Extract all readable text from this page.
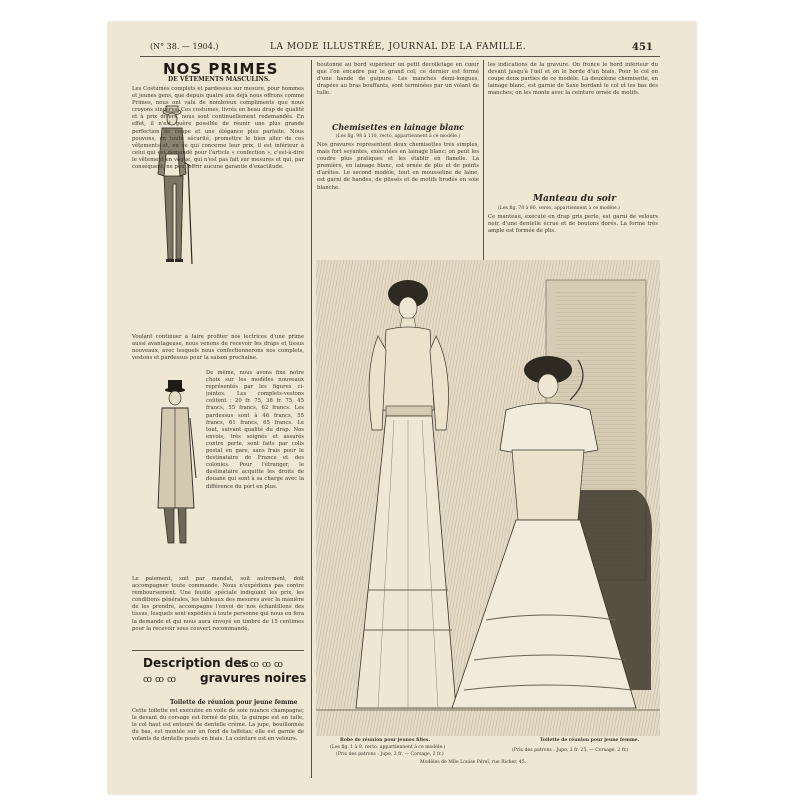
(N° 38. — 1904.)	LA MODE ILLUSTRÉE, JOURNAL DE LA FAMILLE.	451
NOS PRIMES
DE VÊTEMENTS MASCULINS.
Les Costumes complets et pardessus sur mesure, pour hommes et jeunes gens, que depuis quatre ans déjà nous offrons comme Primes, nous ont valu de nombreux compliments que nous croyons sincères. Ces costumes, livrés en beau drap de qualité et à prix divers, nous sont continuellement redemandés. En effet, il n'est guère possible de réunir une plus grande perfection de coupe et une élégance plus parfaite. Nous pouvons, en toute sécurité, promettre le bien aller de ces vêtements et, en ce qui concerne leur prix, il est inférieur à celui qui est demandé pour l'article « confection », c'est-à-dire le vêtement en vogue, qui n'est pas fait sur mesures et qui, par conséquent, ne peut offrir aucune garantie d'exactitude.
Voulant continuer à faire profiter nos lectrices d'une prime aussi avantageuse, nous venons de recevoir les draps et tissus nouveaux, avec lesquels nous confectionnerons nos complets, vestons et pardessus pour la saison prochaine.
De même, nous avons fixé notre choix sur les modèles nouveaux représentés par les figures ci-jointes. Les complets-vestons coûtent : 20 fr. 75, 38 fr. 75, 45 francs, 55 francs, 62 francs. Les pardessus sont à 46 francs, 55 francs, 61 francs, 65 francs. Le tout, suivant qualité du drap. Nos envois, très soignés et assurés contre perte, sont faits par colis postal en gare, sans frais pour le destinataire de France et des colonies. Pour l'étranger, le destinataire acquitte les droits de douane qui sont à sa charge avec la différence du port en plus.
Le paiement, soit par mandat, soit autrement, doit accompagner toute commande. Nous n'expédions pas contre remboursement. Une feuille spéciale indiquant les prix, les conditions générales, les tableaux des mesures avec la manière de les prendre, accompagne l'envoi de nos échantillons des tissus, lesquels sont expédiés à toute personne qui nous en fera la demande et qui nous aura envoyé un timbre de 15 centimes pour la recevoir sous couvert recommandé.
Description des
ꝏꝏꝏꝏ
ꝏꝏꝏ gravures noires
Toilette de réunion pour jeune femme
Cette toilette est exécutée en voile de soie nuance champagne; le devant du corsage est formé de plis, la guimpe est en tulle, le col haut est entouré de dentelle crème. La jupe, bouillonnée du bas, est montée sur un fond de taffetas; elle est garnie de volants de dentelle posés en biais. La ceinture est en velours.
boutonné au bord supérieur un petit décolletage en cœur que l'on encadre par le grand col; ce dernier est formé d'une bande de guipure. Les manches demi-longues, drapées au bras bouffants, sont terminées par un volant de tulle.
Chemisettes en lainage blanc
(Les fig. 98 à 110, recto, appartiennent à ce modèle.)
Nos gravures représentent deux chemisettes très simples, mais fort seyantes, exécutées en lainage blanc; on peut les coudre plus pratiques et les établir en flanelle. La première, en lainage blanc, est ornée de plis et de points d'arêtes. Le second modèle, tout en mousseline de laine, est garni de bandes, de plissés et de motifs brodés en soie blanche.
les indications de la gravure. On fronce le bord inférieur du devant jusqu'à l'œil et on le borde d'un biais. Pour le col on coupe deux parties de ce modèle. La deuxième chemisette, en lainage blanc, est garnie de Saxe bordant le col et les bas des manches; on les monte avec la ceinture ornée de motifs.
Manteau du soir
(Les fig. 78 à 80, verso, appartiennent à ce modèle.)
Ce manteau, exécuté en drap gris perle, est garni de velours noir, d'une dentelle écrue et de boutons dorés. La forme très ample est formée de plis.
Robe de réunion pour jeunes filles.
(Les fig. 1 à 9, recto, appartiennent à ce modèle.)
(Prix des patrons : Jupe, 2 fr. — Corsage, 2 fr.)
Toilette de réunion pour jeune femme.
(Prix des patrons : Jupe, 2 fr. 25. — Corsage, 2 fr.)
Modèles de Mlle Louise Pérel, rue Richer, 45.
